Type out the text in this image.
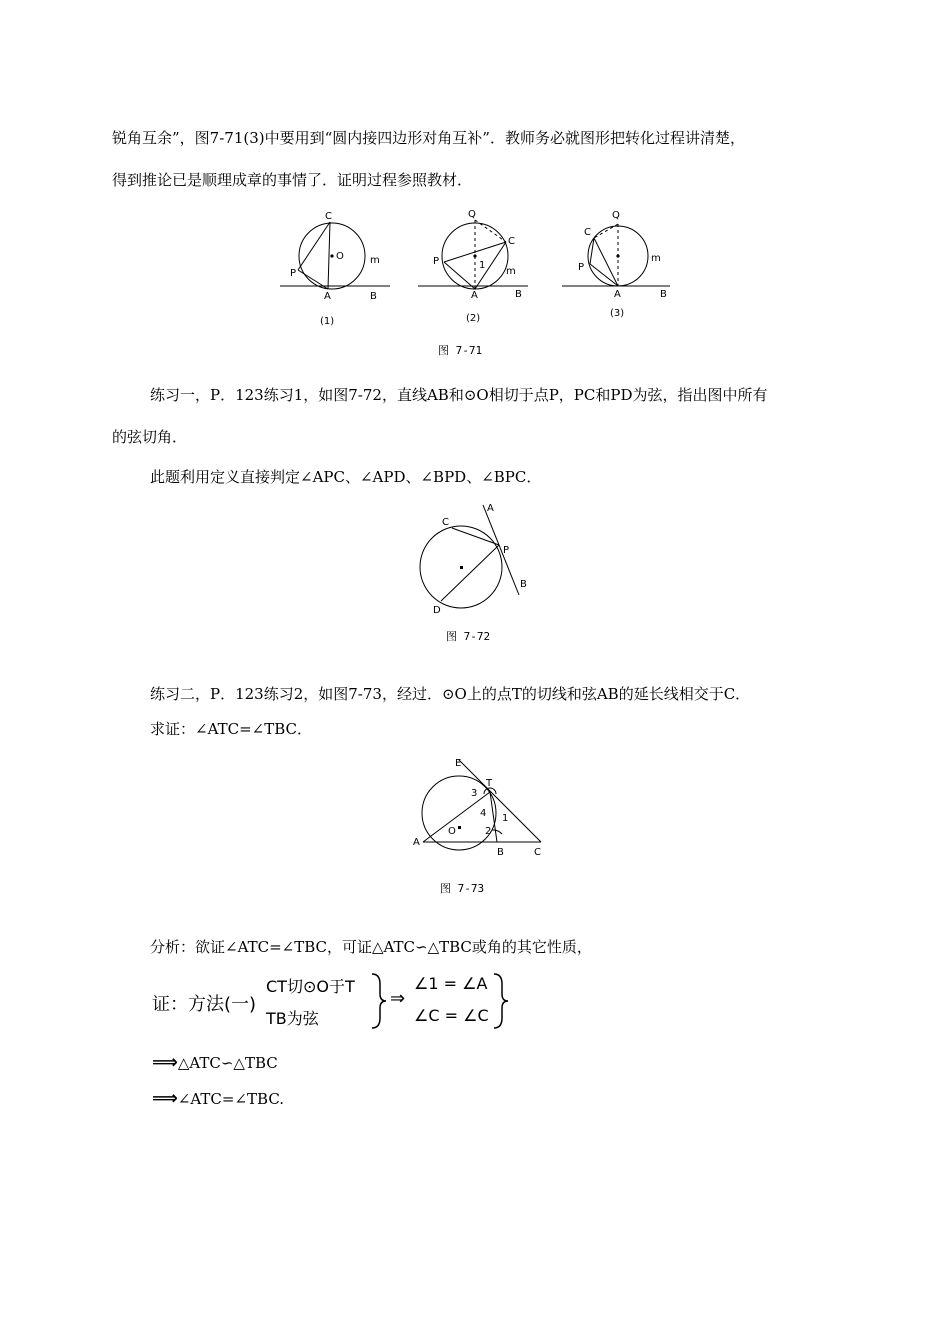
锐角互余”，图7-71(3)中要用到“圆内接四边形对角互补”．教师务必就图形把转化过程讲清楚，
得到推论已是顺理成章的事情了．证明过程参照教材．
C
O	m
P
A	B
(1)
Q
C
P	1
m
A	B
(2)
C
Q
P
m
A	B
(3)
图 7-71
练习一，P．123练习1，如图7-72，直线AB和⊙O相切于点P，PC和PD为弦，指出图中所有
的弦切角．
此题利用定义直接判定∠APC、∠APD、∠BPD、∠BPC．
C
A
P
B
D
图 7-72
练习二，P．123练习2，如图7-73，经过．⊙O上的点T的切线和弦AB的延长线相交于C．
求证：∠ATC=∠TBC．
E
T
3
4 1
2
O
A
B	C
图 7-73
分析：欲证∠ATC=∠TBC，可证△ATC∽△TBC或角的其它性质，
证：方法(一)
CT切⊙O于T
TB为弦
⇒
∠1 = ∠A
∠C = ∠C
⟹△ATC∽△TBC
⟹∠ATC=∠TBC.
